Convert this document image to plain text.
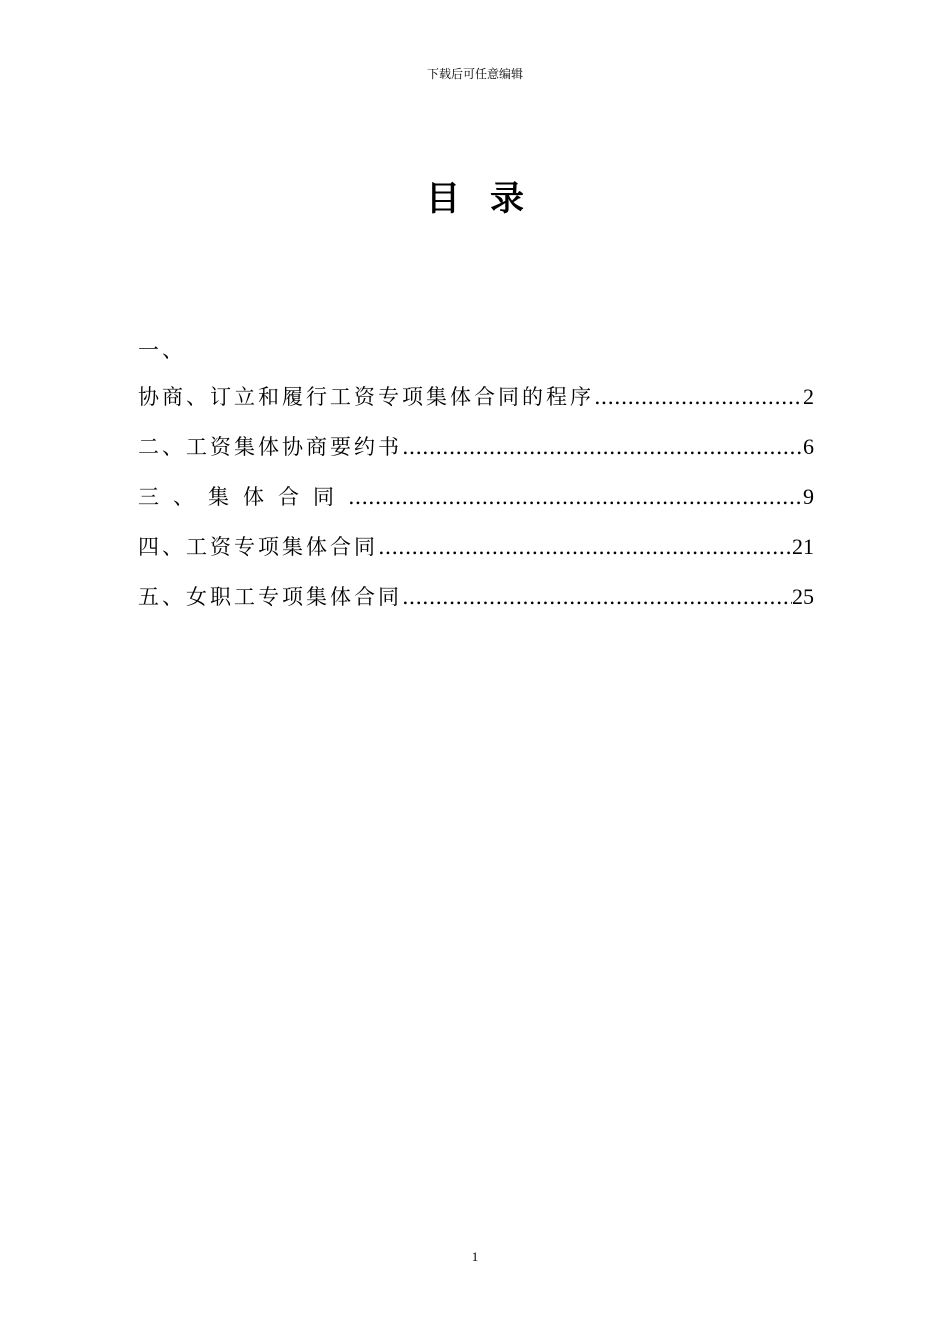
下载后可任意编辑
目 录
一、
协商、订立和履行工资专项集体合同的程序 .....	2
二、工资集体协商要约书 .....	6
三、集体合同 .....	9
四、工资专项集体合同 .....	21
五、女职工专项集体合同 .....	25
1
